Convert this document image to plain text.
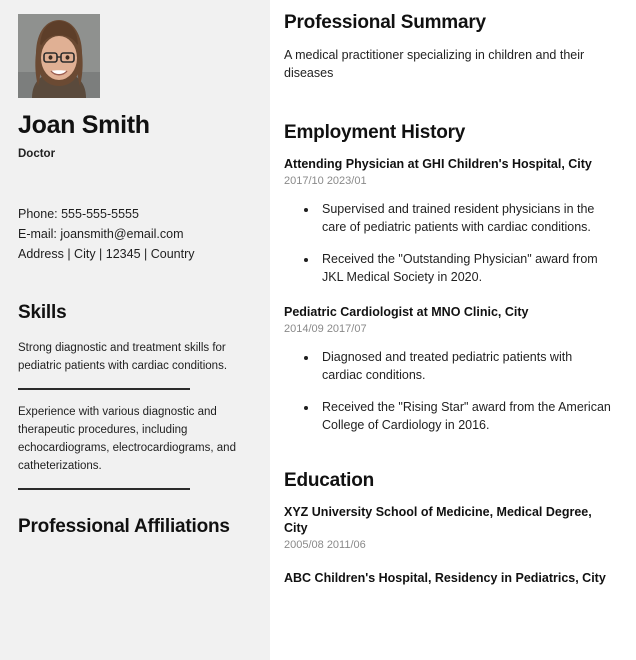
Joan Smith
Doctor
Phone: 555-555-5555
E-mail: joansmith@email.com
Address | City | 12345 | Country
Skills

Strong diagnostic and treatment skills for pediatric patients with cardiac conditions.

Experience with various diagnostic and therapeutic procedures, including echocardiograms, electrocardiograms, and catheterizations.

Professional Affiliations
Professional Summary

A medical practitioner specializing in children and their diseases

Employment History
Attending Physician at GHI Children's Hospital, City
2017/10 2023/01
• Supervised and trained resident physicians in the care of pediatric patients with cardiac conditions.
• Received the "Outstanding Physician" award from JKL Medical Society in 2020.
Pediatric Cardiologist at MNO Clinic, City
2014/09 2017/07
• Diagnosed and treated pediatric patients with cardiac conditions.
• Received the "Rising Star" award from the American College of Cardiology in 2016.
Education
XYZ University School of Medicine, Medical Degree, City
2005/08 2011/06
ABC Children's Hospital, Residency in Pediatrics, City
